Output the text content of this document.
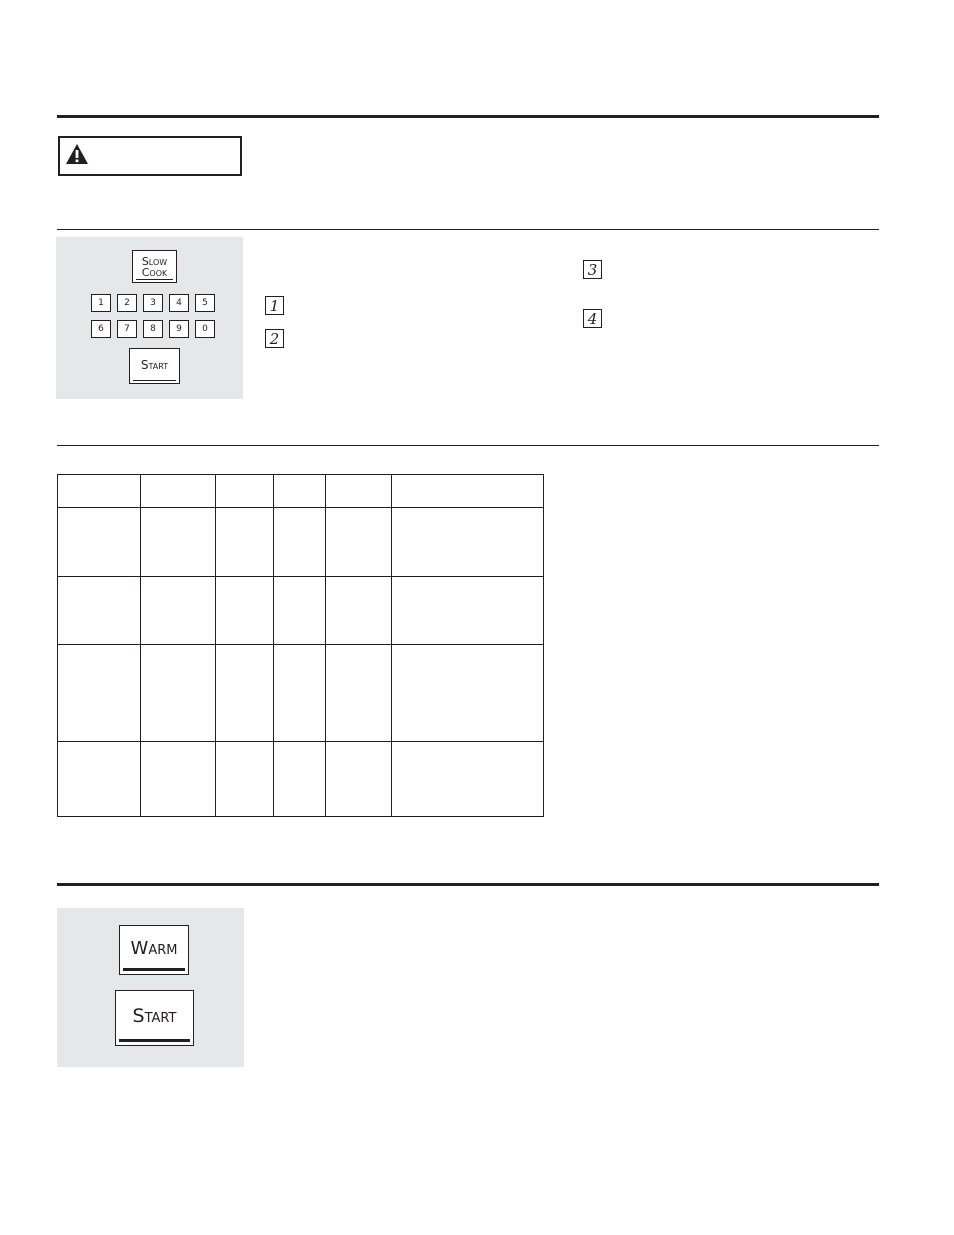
Slow
Cook
1 2 3 4 5
6 7 8 9 0
Start
1
2
3
4

Warm
Start
